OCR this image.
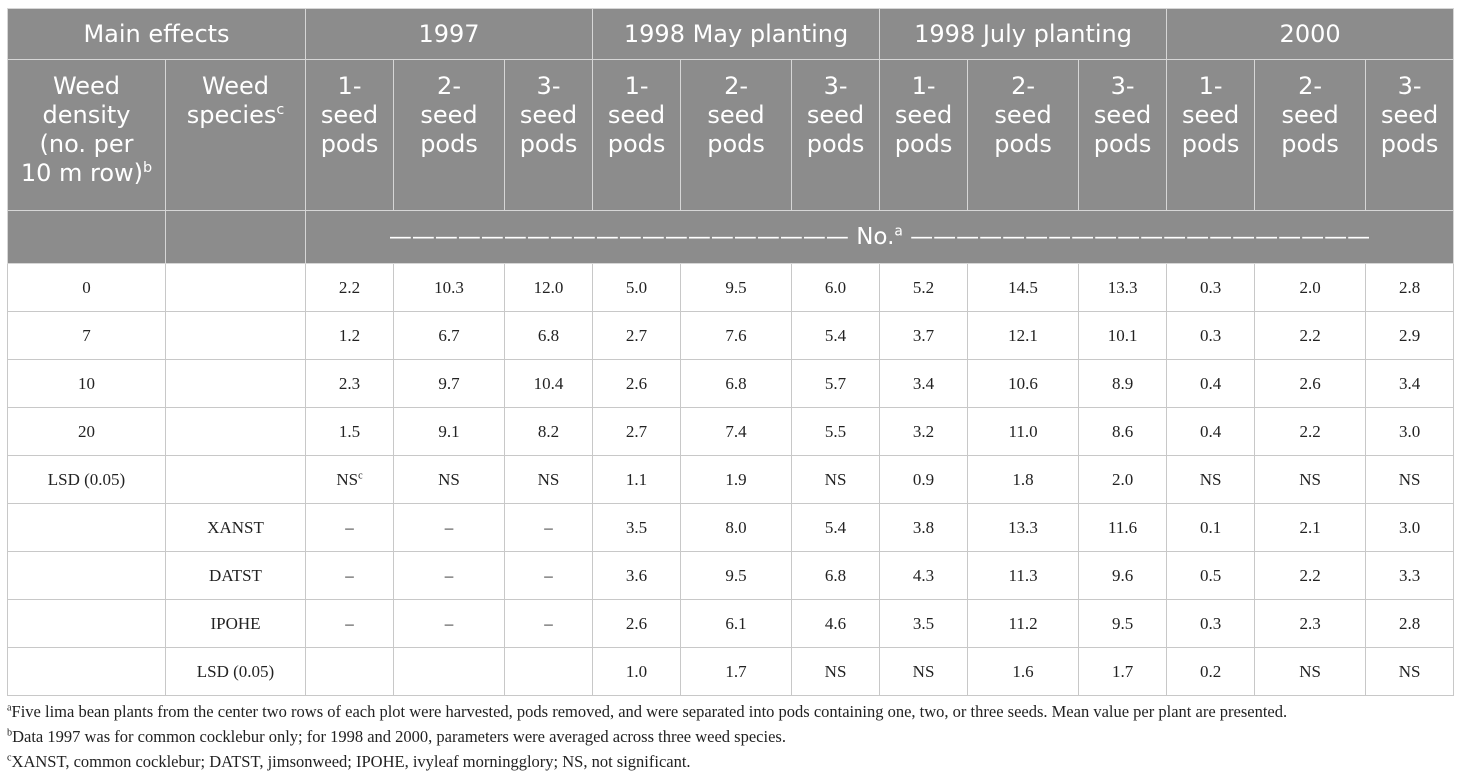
Main effects		1997			1998 May planting			1998 July planting			2000		
Weed
density
(no. per
10 m row)$^b$	Weed
species$^c$	1-
seed
pods	2-
seed
pods	3-
seed
pods	1-
seed
pods	2-
seed
pods	3-
seed
pods	1-
seed
pods	2-
seed
pods	3-
seed
pods	1-
seed
pods	2-
seed
pods	3-
seed
pods
		———————————————————— No.$^a$ ————————————————————											
0		2.2	10.3	12.0	5.0	9.5	6.0	5.2	14.5	13.3	0.3	2.0	2.8
7		1.2	6.7	6.8	2.7	7.6	5.4	3.7	12.1	10.1	0.3	2.2	2.9
10		2.3	9.7	10.4	2.6	6.8	5.7	3.4	10.6	8.9	0.4	2.6	3.4
20		1.5	9.1	8.2	2.7	7.4	5.5	3.2	11.0	8.6	0.4	2.2	3.0
LSD (0.05)		$NS^c$	NS	NS	1.1	1.9	NS	0.9	1.8	2.0	NS	NS	NS
	XANST	–	–	–	3.5	8.0	5.4	3.8	13.3	11.6	0.1	2.1	3.0
	DATST	–	–	–	3.6	9.5	6.8	4.3	11.3	9.6	0.5	2.2	3.3
	IPOHE	–	–	–	2.6	6.1	4.6	3.5	11.2	9.5	0.3	2.3	2.8
	LSD (0.05)				1.0	1.7	NS	NS	1.6	1.7	0.2	NS	NS

$^a$Five lima bean plants from the center two rows of each plot were harvested, pods removed, and were separated into pods containing one, two, or three seeds. Mean value per plant are presented.

$^b$Data 1997 was for common cocklebur only; for 1998 and 2000, parameters were averaged across three weed species.

$^c$XANST, common cocklebur; DATST, jimsonweed; IPOHE, ivyleaf morningglory; NS, not significant.
